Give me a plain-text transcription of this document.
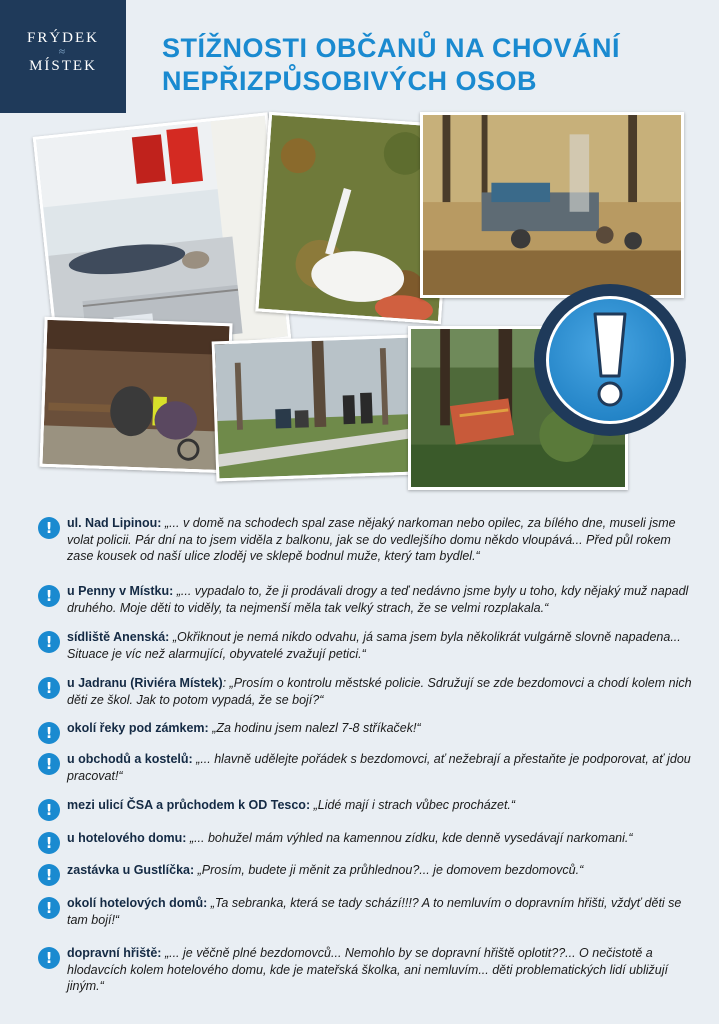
FRÝDEK
≈
MÍSTEK
STÍŽNOSTI OBČANŮ NA CHOVÁNÍ NEPŘIZPŮSOBIVÝCH OSOB
!	ul. Nad Lipinou: „... v domě na schodech spal zase nějaký narkoman nebo opilec, za bílého dne, museli jsme volat policii. Pár dní na to jsem viděla z balkonu, jak se do vedlejšího domu někdo vloupává... Před půl rokem zase kousek od naší ulice zloděj ve sklepě bodnul muže, který tam bydlel.“
!	u Penny v Místku: „... vypadalo to, že ji prodávali drogy a teď nedávno jsme byly u toho, kdy nějaký muž napadl druhého. Moje děti to viděly, ta nejmenší měla tak velký strach, že se velmi rozplakala.“
!	sídliště Anenská: „Okřiknout je nemá nikdo odvahu, já sama jsem byla několikrát vulgárně slovně napadena... Situace je víc než alarmující, obyvatelé zvažují petici.“
!	u Jadranu (Riviéra Místek): „Prosím o kontrolu městské policie. Sdružují se zde bezdomovci a chodí kolem nich děti ze škol. Jak to potom vypadá, že se bojí?“
!	okolí řeky pod zámkem: „Za hodinu jsem nalezl 7-8 stříkaček!“
!	u obchodů a kostelů: „... hlavně udělejte pořádek s bezdomovci, ať nežebrají a přestaňte je podporovat, ať jdou pracovat!“
!	mezi ulicí ČSA a průchodem k OD Tesco: „Lidé mají i strach vůbec procházet.“
!	u hotelového domu: „... bohužel mám výhled na kamennou zídku, kde denně vysedávají narkomani.“
!	zastávka u Gustlíčka: „Prosím, budete ji měnit za průhlednou?... je domovem bezdomovců.“
!	okolí hotelových domů: „Ta sebranka, která se tady schází!!!? A to nemluvím o dopravním hřišti, vždyť děti se tam bojí!“
!	dopravní hřiště: „... je věčně plné bezdomovců... Nemohlo by se dopravní hřiště oplotit??... O nečistotě a hlodavcích kolem hotelového domu, kde je mateřská školka, ani nemluvím... děti problematických lidí ubližují jiným.“
